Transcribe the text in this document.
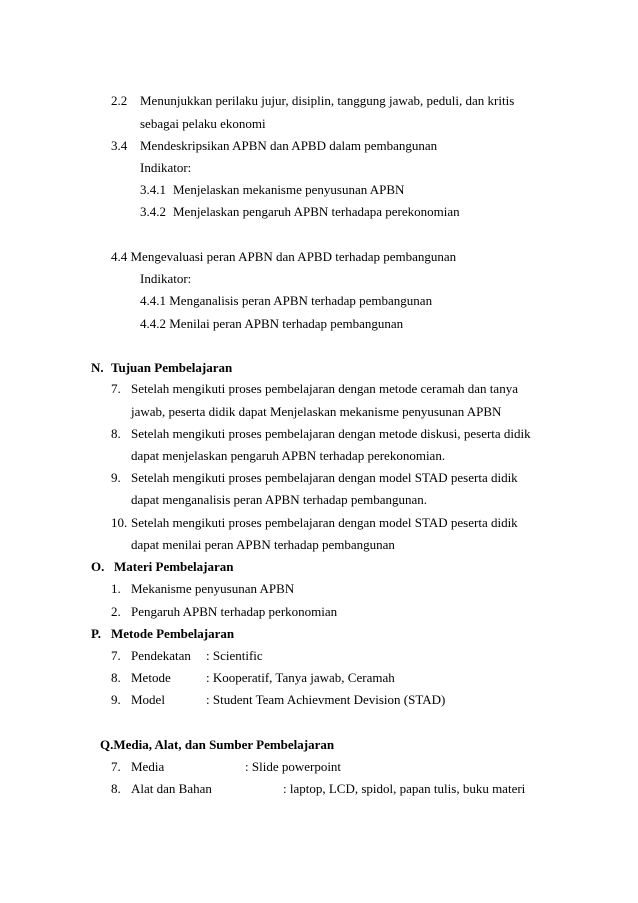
2.2 Menunjukkan perilaku jujur, disiplin, tanggung jawab, peduli, dan kritis
sebagai pelaku ekonomi
3.4 Mendeskripsikan APBN dan APBD dalam pembangunan
Indikator:
3.4.1 Menjelaskan mekanisme penyusunan APBN
3.4.2 Menjelaskan pengaruh APBN terhadapa perekonomian
4.4 Mengevaluasi peran APBN dan APBD terhadap pembangunan
Indikator:
4.4.1 Menganalisis peran APBN terhadap pembangunan
4.4.2 Menilai peran APBN terhadap pembangunan
N. Tujuan Pembelajaran
7. Setelah mengikuti proses pembelajaran dengan metode ceramah dan tanya
jawab, peserta didik dapat Menjelaskan mekanisme penyusunan APBN
8. Setelah mengikuti proses pembelajaran dengan metode diskusi, peserta didik
dapat menjelaskan pengaruh APBN terhadap perekonomian.
9. Setelah mengikuti proses pembelajaran dengan model STAD peserta didik
dapat menganalisis peran APBN terhadap pembangunan.
10. Setelah mengikuti proses pembelajaran dengan model STAD peserta didik
dapat menilai peran APBN terhadap pembangunan
O. Materi Pembelajaran
1. Mekanisme penyusunan APBN
2. Pengaruh APBN terhadap perkonomian
P. Metode Pembelajaran
7. Pendekatan : Scientific
8. Metode	: Kooperatif, Tanya jawab, Ceramah
9. Model	: Student Team Achievment Devision (STAD)
Q.Media, Alat, dan Sumber Pembelajaran
7. Media	: Slide powerpoint
8. Alat dan Bahan	: laptop, LCD, spidol, papan tulis, buku materi
